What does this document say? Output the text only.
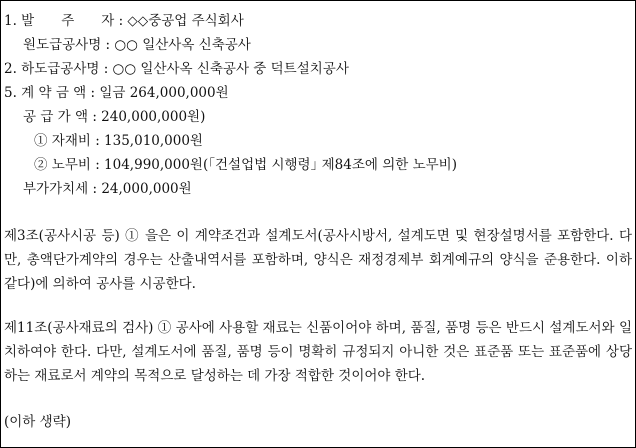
1. 발　　주　　자 : ◇◇중공업 주식회사
원도급공사명 : ○○ 일산사옥 신축공사
2. 하도급공사명 : ○○ 일산사옥 신축공사 중 덕트설치공사
5. 계 약 금 액 : 일금 264,000,000원
공 급 가 액 : 240,000,000원)
① 자재비 : 135,010,000원
② 노무비 : 104,990,000원(｢건설업법 시행령｣ 제84조에 의한 노무비)
부가가치세 : 24,000,000원
제3조(공사시공 등) ① 을은 이 계약조건과 설계도서(공사시방서, 설계도면 및 현장설명서를 포함한다. 다만, 총액단가계약의 경우는 산출내역서를 포함하며, 양식은 재정경제부 회계예규의 양식을 준용한다. 이하 같다)에 의하여 공사를 시공한다.
제11조(공사재료의 검사) ① 공사에 사용할 재료는 신품이어야 하며, 품질, 품명 등은 반드시 설계도서와 일치하여야 한다. 다만, 설계도서에 품질, 품명 등이 명확히 규정되지 아니한 것은 표준품 또는 표준품에 상당하는 재료로서 계약의 목적으로 달성하는 데 가장 적합한 것이어야 한다.
(이하 생략)
